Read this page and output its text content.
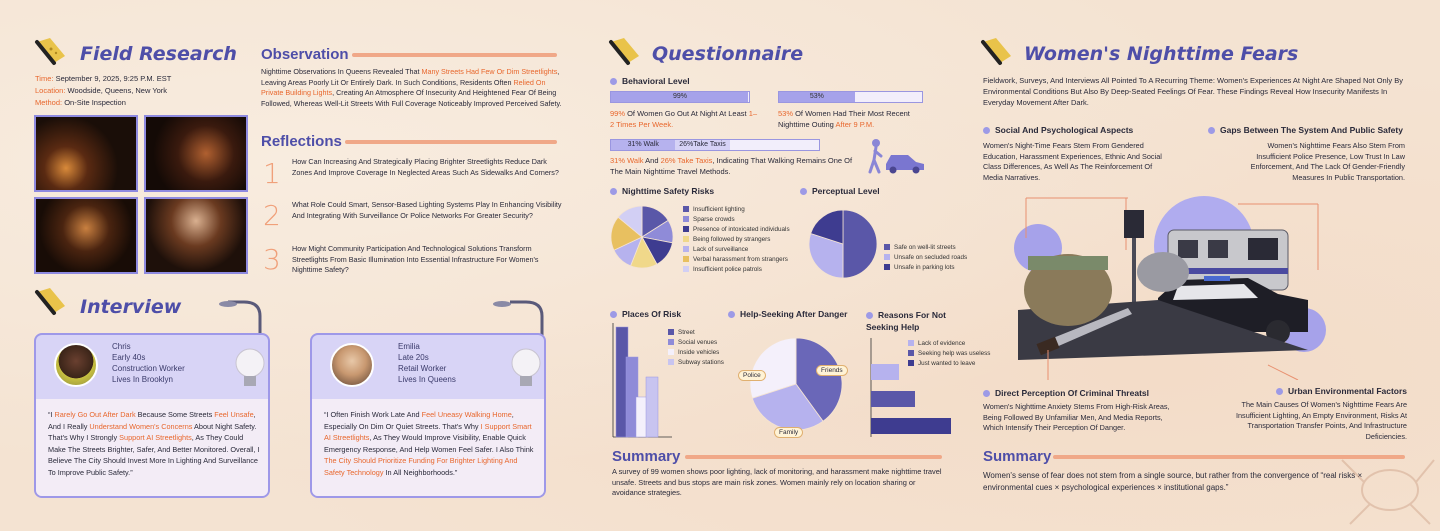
Field Research
Time: September 9, 2025, 9:25 P.M. EST
Location: Woodside, Queens, New York
Method: On-Site Inspection
Observation
Nighttime Observations In Queens Revealed That Many Streets Had Few Or Dim Streetlights, Leaving Areas Poorly Lit Or Entirely Dark. In Such Conditions, Residents Often Relied On Private Building Lights, Creating An Atmosphere Of Insecurity And Heightened Fear Of Being Followed, Whereas Well-Lit Streets With Full Coverage Noticeably Improved Perceived Safety.
Reflections
1 How Can Increasing And Strategically Placing Brighter Streetlights Reduce Dark Zones And Improve Coverage In Neglected Areas Such As Sidewalks And Corners?
2 What Role Could Smart, Sensor-Based Lighting Systems Play In Enhancing Visibility And Integrating With Surveillance Or Police Networks For Greater Security?
3 How Might Community Participation And Technological Solutions Transform Streetlights From Basic Illumination Into Essential Infrastructure For Women's Nighttime Safety?
Interview
Chris
Early 40s
Construction Worker
Lives In Brooklyn
“I Rarely Go Out After Dark Because Some Streets Feel Unsafe, And I Really Understand Women's Concerns About Night Safety. That's Why I Strongly Support AI Streetlights, As They Could Make The Streets Brighter, Safer, And Better Monitored. Overall, I Believe The City Should Invest More In Lighting And Surveillance To Improve Public Safety.”
Emilia
Late 20s
Retail Worker
Lives In Queens
“I Often Finish Work Late And Feel Uneasy Walking Home, Especially On Dim Or Quiet Streets. That's Why I Support Smart AI Streetlights, As They Would Improve Visibility, Enable Quick Emergency Response, And Help Women Feel Safer. I Also Think The City Should Prioritize Funding For Brighter Lighting And Safety Technology In All Neighborhoods.”
Questionnaire
Behavioral Level
99%
99% Of Women Go Out At Night At Least 1–2 Times Per Week.
53%
53% Of Women Had Their Most Recent Nighttime Outing After 9 P.M.
31% Walk	26%Take Taxis
31% Walk And 26% Take Taxis, Indicating That Walking Remains One Of The Main Nighttime Travel Methods.
Nighttime Safety Risks
Insufficient lighting
Sparse crowds
Presence of intoxicated individuals
Being followed by strangers
Lack of surveillance
Verbal harassment from strangers
Insufficient police patrols
Perceptual Level
Safe on well-lit streets
Unsafe on secluded roads
Unsafe in parking lots
Places Of Risk
Street
Social venues
Inside vehicles
Subway stations
Help-Seeking After Danger
Police
Friends
Family
Reasons For Not Seeking Help
Lack of evidence
Seeking help was useless
Just wanted to leave
Summary
A survey of 99 women shows poor lighting, lack of monitoring, and harassment make nighttime travel unsafe. Streets and bus stops are main risk zones. Women mainly rely on location sharing or avoidance strategies.
Women's Nighttime Fears
Fieldwork, Surveys, And Interviews All Pointed To A Recurring Theme: Women's Experiences At Night Are Shaped Not Only By Environmental Conditions But Also By Deep-Seated Feelings Of Fear. These Findings Reveal How Insecurity Manifests In Everyday Movement After Dark.
Social And Psychological Aspects
Women's Night-Time Fears Stem From Gendered Education, Harassment Experiences, Ethnic And Social Class Differences, As Well As The Reinforcement Of Media Narratives.
Gaps Between The System And Public Safety
Women's Nighttime Fears Also Stem From Insufficient Police Presence, Low Trust In Law Enforcement, And The Lack Of Gender-Friendly Measures In Public Transportation.
Direct Perception Of Criminal Threatsl
Women's Nighttime Anxiety Stems From High-Risk Areas, Being Followed By Unfamiliar Men, And Media Reports, Which Intensify Their Perception Of Danger.
Urban Environmental Factors
The Main Causes Of Women's Nighttime Fears Are Insufficient Lighting, An Empty Environment, Risks At Transportation Transfer Points, And Infrastructure Deficiencies.
Summary
Women's sense of fear does not stem from a single source, but rather from the convergence of “real risks × environmental cues × psychological experiences × institutional gaps.”
